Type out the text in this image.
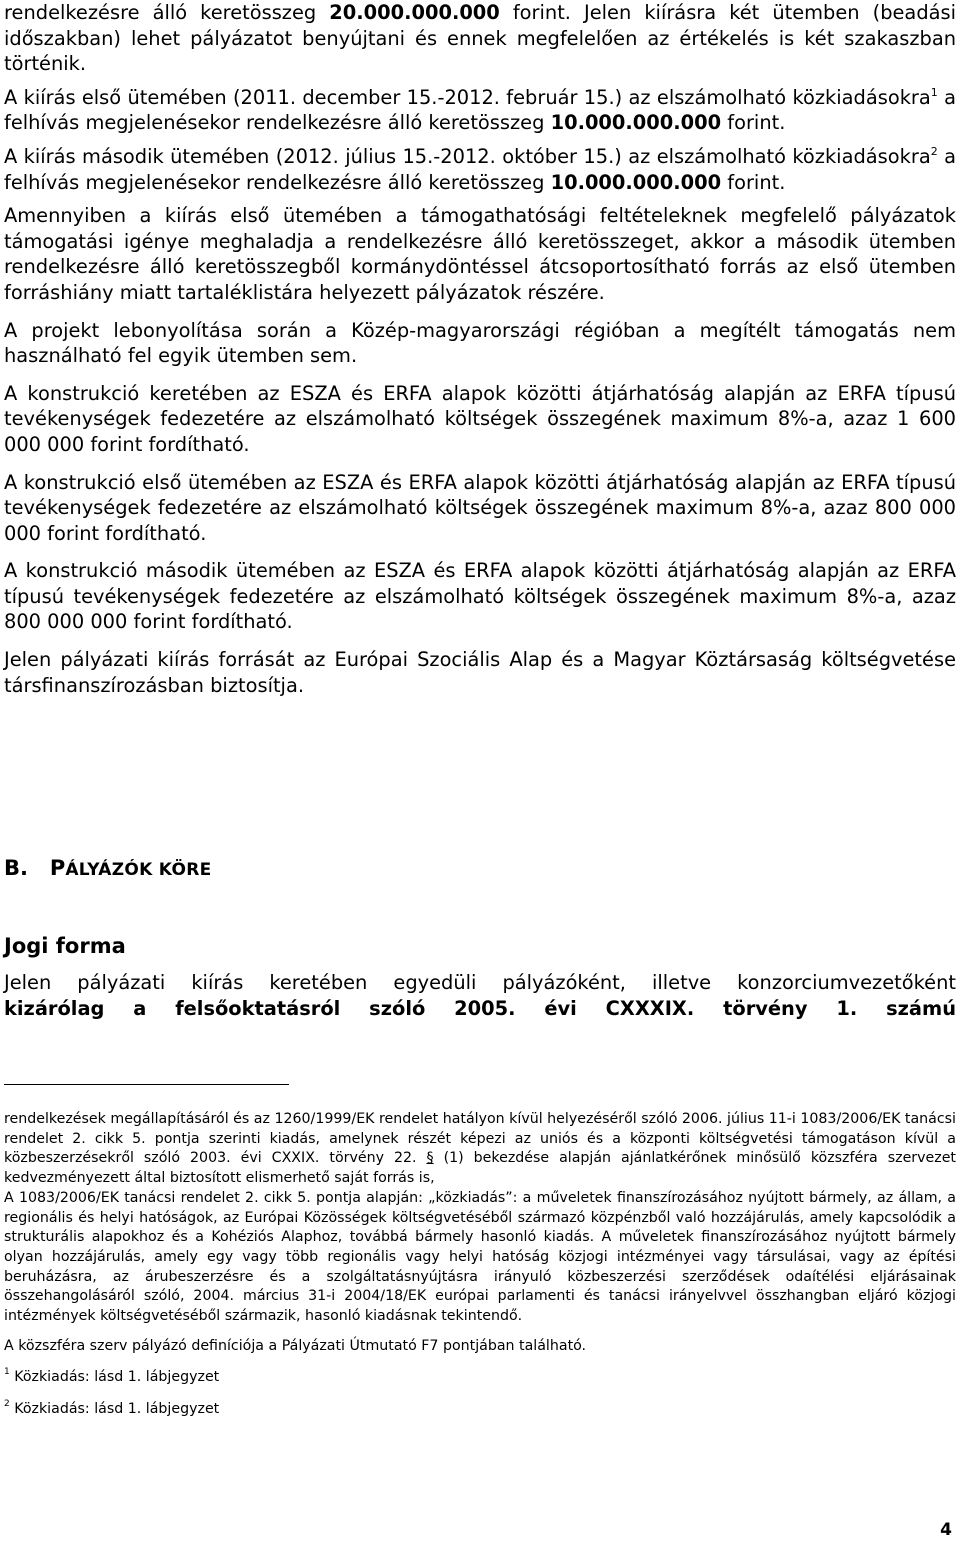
rendelkezésre álló keretösszeg 20.000.000.000 forint. Jelen kiírásra két ütemben (beadási időszakban) lehet pályázatot benyújtani és ennek megfelelően az értékelés is két szakaszban történik.

A kiírás első ütemében (2011. december 15.-2012. február 15.) az elszámolható közkiadásokra$^1$ a felhívás megjelenésekor rendelkezésre álló keretösszeg 10.000.000.000 forint.

A kiírás második ütemében (2012. július 15.-2012. október 15.) az elszámolható közkiadásokra$^2$ a felhívás megjelenésekor rendelkezésre álló keretösszeg 10.000.000.000 forint.

Amennyiben a kiírás első ütemében a támogathatósági feltételeknek megfelelő pályázatok támogatási igénye meghaladja a rendelkezésre álló keretösszeget, akkor a második ütemben rendelkezésre álló keretösszegből kormánydöntéssel átcsoportosítható forrás az első ütemben forráshiány miatt tartaléklistára helyezett pályázatok részére.

A projekt lebonyolítása során a Közép-magyarországi régióban a megítélt támogatás nem használható fel egyik ütemben sem.

A konstrukció keretében az ESZA és ERFA alapok közötti átjárhatóság alapján az ERFA típusú tevékenységek fedezetére az elszámolható költségek összegének maximum 8%-a, azaz 1 600 000 000 forint fordítható.

A konstrukció első ütemében az ESZA és ERFA alapok közötti átjárhatóság alapján az ERFA típusú tevékenységek fedezetére az elszámolható költségek összegének maximum 8%-a, azaz 800 000 000 forint fordítható.

A konstrukció második ütemében az ESZA és ERFA alapok közötti átjárhatóság alapján az ERFA típusú tevékenységek fedezetére az elszámolható költségek összegének maximum 8%-a, azaz 800 000 000 forint fordítható.

Jelen pályázati kiírás forrását az Európai Szociális Alap és a Magyar Köztársaság költségvetése társfinanszírozásban biztosítja.

B. PÁLYÁZÓK KÖRE
Jogi forma
Jelen pályázati kiírás keretében egyedüli pályázóként, illetve konzorciumvezetőként
kizárólag a felsőoktatásról szóló 2005. évi CXXXIX. törvény 1. számú

rendelkezések megállapításáról és az 1260/1999/EK rendelet hatályon kívül helyezéséről szóló 2006. július 11-i 1083/2006/EK tanácsi rendelet 2. cikk 5. pontja szerinti kiadás, amelynek részét képezi az uniós és a központi költségvetési támogatáson kívül a közbeszerzésekről szóló 2003. évi CXXIX. törvény 22. § (1) bekezdése alapján ajánlatkérőnek minősülő közszféra szervezet kedvezményezett által biztosított elismerhető saját forrás is,

A 1083/2006/EK tanácsi rendelet 2. cikk 5. pontja alapján: „közkiadás”: a műveletek finanszírozásához nyújtott bármely, az állam, a regionális és helyi hatóságok, az Európai Közösségek költségvetéséből származó közpénzből való hozzájárulás, amely kapcsolódik a strukturális alapokhoz és a Kohéziós Alaphoz, továbbá bármely hasonló kiadás. A műveletek finanszírozásához nyújtott bármely olyan hozzájárulás, amely egy vagy több regionális vagy helyi hatóság közjogi intézményei vagy társulásai, vagy az építési beruházásra, az árubeszerzésre és a szolgáltatásnyújtásra irányuló közbeszerzési szerződések odaítélési eljárásainak összehangolásáról szóló, 2004. március 31-i 2004/18/EK európai parlamenti és tanácsi irányelvvel összhangban eljáró közjogi intézmények költségvetéséből származik, hasonló kiadásnak tekintendő.

A közszféra szerv pályázó definíciója a Pályázati Útmutató F7 pontjában található.

$^1$ Közkiadás: lásd 1. lábjegyzet

$^2$ Közkiadás: lásd 1. lábjegyzet

4
